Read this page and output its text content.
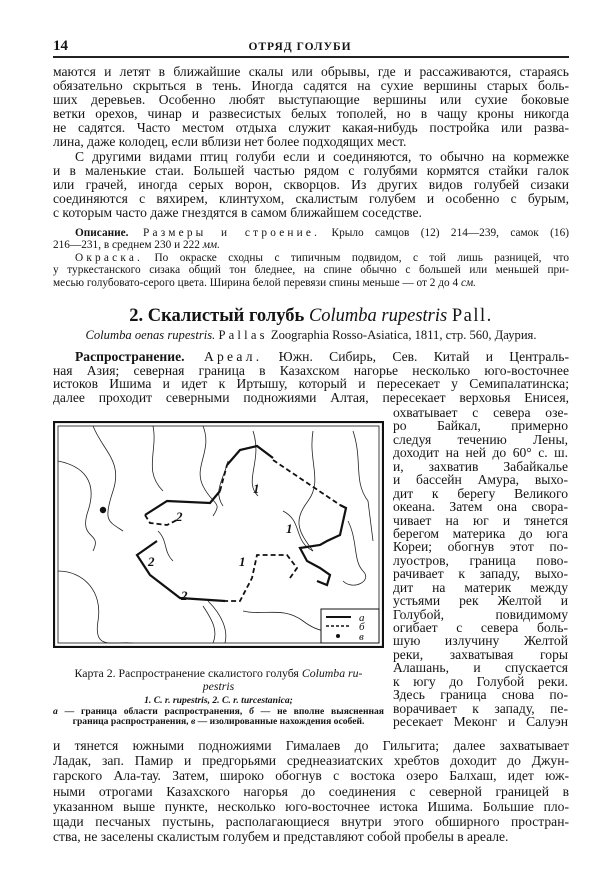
14	ОТРЯД ГОЛУБИ
маются и летят в ближайшие скалы или обрывы, где и рассаживаются, стараясь
обязательно скрыться в тень. Иногда садятся на сухие вершины старых боль-
ших деревьев. Особенно любят выступающие вершины или сухие боковые
ветки орехов, чинар и развесистых белых тополей, но в чащу кроны никогда
не садятся. Часто местом отдыха служит какая-нибудь постройка или разва-
лина, даже колодец, если вблизи нет более подходящих мест.
С другими видами птиц голуби если и соединяются, то обычно на кормежке
и в маленькие стаи. Большей частью рядом с голубями кормятся стайки галок
или грачей, иногда серых ворон, скворцов. Из других видов голубей сизаки
соединяются с вяхирем, клинтухом, скалистым голубем и особенно с бурым,
с которым часто даже гнездятся в самом ближайшем соседстве.
Описание. Размеры и строение. Крыло самцов (12) 214—239, самок (16)
216—231, в среднем 230 и 222 мм.
Окраска. По окраске сходны с типичным подвидом, с той лишь разницей, что
у туркестанского сизака общий тон бледнее, на спине обычно с большей или меньшей при-
месью голубовато-серого цвета. Ширина белой перевязи спины меньше — от 2 до 4 см.
2. Скалистый голубь Columba rupestris Pall.
Columba oenas rupestris. Pallas Zoographia Rosso-Asiatica, 1811, стр. 560, Даурия.
Распространение. Ареал. Южн. Сибирь, Сев. Китай и Централь-
ная Азия; северная граница в Казахском нагорье несколько юго-восточнее
истоков Ишима и идет к Иртышу, который и пересекает у Семипалатинска;
далее проходит северными подножиями Алтая, пересекает верховья Енисея,
охватывает с севера озе-
ро Байкал, примерно
следуя течению Лены,
доходит на ней до 60° с. ш.
и, захватив Забайкалье
и бассейн Амура, выхо-
дит к берегу Великого
океана. Затем она свора-
чивает на юг и тянется
берегом материка до юга
Кореи; обогнув этот по-
луостров, граница пово-
рачивает к западу, выхо-
дит на материк между
устьями рек Желтой и
Голубой, повидимому
огибает с севера боль-
шую излучину Желтой
реки, захватывая горы
Алашань, и спускается
к югу до Голубой реки.
Здесь граница снова по-
ворачивает к западу, пе-
ресекает Меконг и Салуэн
1
1
1
2
2
2
а
б
в
Карта 2. Распространение скалистого голубя Columba ru-
pestris
1. C. r. rupestris, 2. C. r. turcestanica;
а — граница области распространения, б — не вполне выясненная
граница распространения, в — изолированные нахождения особей.
и тянется южными подножиями Гималаев до Гильгита; далее захватывает
Ладак, зап. Памир и предгорьями среднеазиатских хребтов доходит до Джун-
гарского Ала-тау. Затем, широко обогнув с востока озеро Балхаш, идет юж-
ными отрогами Казахского нагорья до соединения с северной границей в
указанном выше пункте, несколько юго-восточнее истока Ишима. Большие пло-
щади песчаных пустынь, располагающиеся внутри этого обширного простран-
ства, не заселены скалистым голубем и представляют собой пробелы в ареале.
